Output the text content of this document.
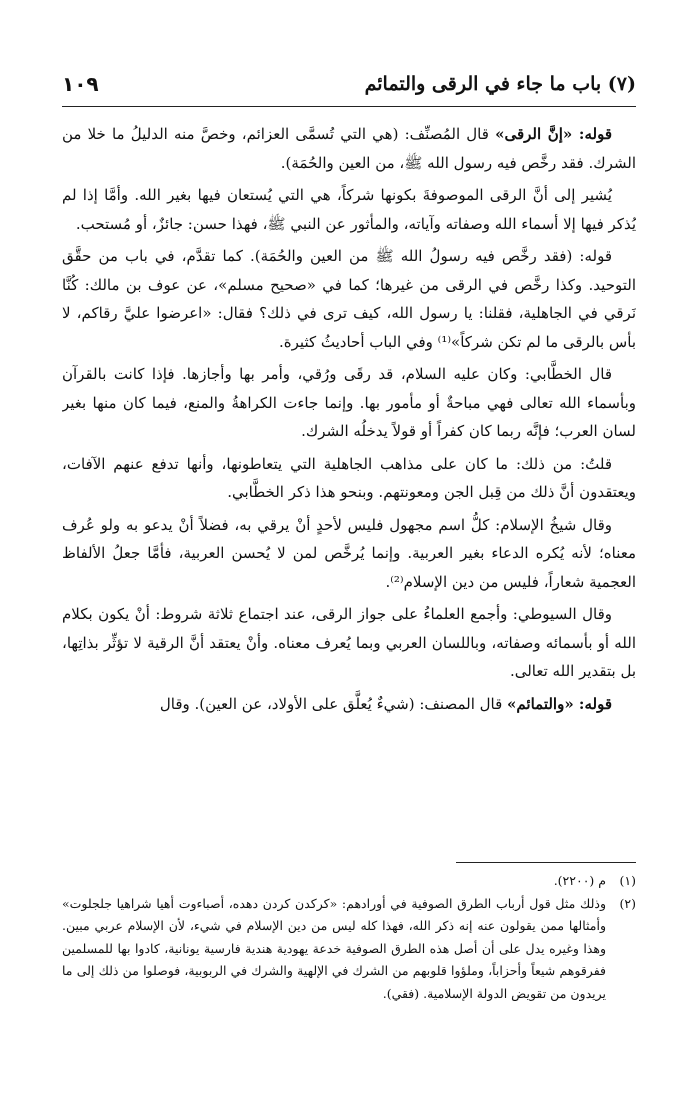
(٧) باب ما جاء في الرقى والتمائم
١٠٩

قوله: «إنَّ الرقى» قال المُصنِّف: (هي التي تُسمَّى العزائم، وخصَّ منه الدليلُ ما خلا من الشرك. فقد رخَّص فيه رسول الله ﷺ، من العين والحُمَة).

يُشير إلى أنَّ الرقى الموصوفةَ بكونها شركاً، هي التي يُستعان فيها بغير الله. وأمَّا إذا لم يُذكر فيها إلا أسماء الله وصفاته وآياته، والمأثور عن النبي ﷺ، فهذا حسن: جائزٌ، أو مُستحب.

قوله: (فقد رخَّص فيه رسولُ الله ﷺ من العين والحُمَة). كما تقدَّم، في باب من حقَّق التوحيد. وكذا رخَّص في الرقى من غيرها؛ كما في «صحيح مسلم»، عن عوف بن مالك: كُنَّا نَرقي في الجاهلية، فقلنا: يا رسول الله، كيف ترى في ذلك؟ فقال: «اعرضوا عليَّ رقاكم، لا بأس بالرقى ما لم تكن شركاً»⁽¹⁾ وفي الباب أحاديثُ كثيرة.

قال الخطَّابي: وكان عليه السلام، قد رقَى ورُقي، وأمر بها وأجازها. فإذا كانت بالقرآن وبأسماء الله تعالى فهي مباحةٌ أو مأمور بها. وإنما جاءت الكراهةُ والمنع، فيما كان منها بغير لسان العرب؛ فإنَّه ربما كان كفراً أو قولاً يدخلُه الشرك.

قلتُ: من ذلك: ما كان على مذاهب الجاهلية التي يتعاطونها، وأنها تدفع عنهم الآفات، ويعتقدون أنَّ ذلك من قِبل الجن ومعونتهم. وبنحو هذا ذكر الخطَّابي.

وقال شيخُ الإسلام: كلُّ اسم مجهول فليس لأحدٍ أنْ يرقي به، فضلاً أنْ يدعو به ولو عُرف معناه؛ لأنه يُكره الدعاء بغير العربية. وإنما يُرخَّص لمن لا يُحسن العربية، فأمَّا جعلُ الألفاظ العجمية شعاراً، فليس من دين الإسلام⁽²⁾.

وقال السيوطي: وأجمع العلماءُ على جواز الرقى، عند اجتماع ثلاثة شروط: أنْ يكون بكلام الله أو بأسمائه وصفاته، وباللسان العربي وبما يُعرف معناه. وأنْ يعتقد أنَّ الرقية لا تؤثِّر بذاتِها، بل بتقدير الله تعالى.

قوله: «والتمائم» قال المصنف: (شيءٌ يُعلَّق على الأولاد، عن العين). وقال

(١)
م (٢٢٠٠).
(٢)
وذلك مثل قول أرباب الطرق الصوفية في أورادهم: «كركدن كردن دهده، أصباءوت أهيا شراهيا جلجلوت» وأمثالها ممن يقولون عنه إنه ذكر الله، فهذا كله ليس من دين الإسلام في شيء، لأن الإسلام عربي مبين. وهذا وغيره يدل على أن أصل هذه الطرق الصوفية خدعة يهودية هندية فارسية يونانية، كادوا بها للمسلمين ففرقوهم شيعاً وأحزاباً، وملؤوا قلوبهم من الشرك في الإلهية والشرك في الربوبية، فوصلوا من ذلك إلى ما يريدون من تقويض الدولة الإسلامية. (فقي).
